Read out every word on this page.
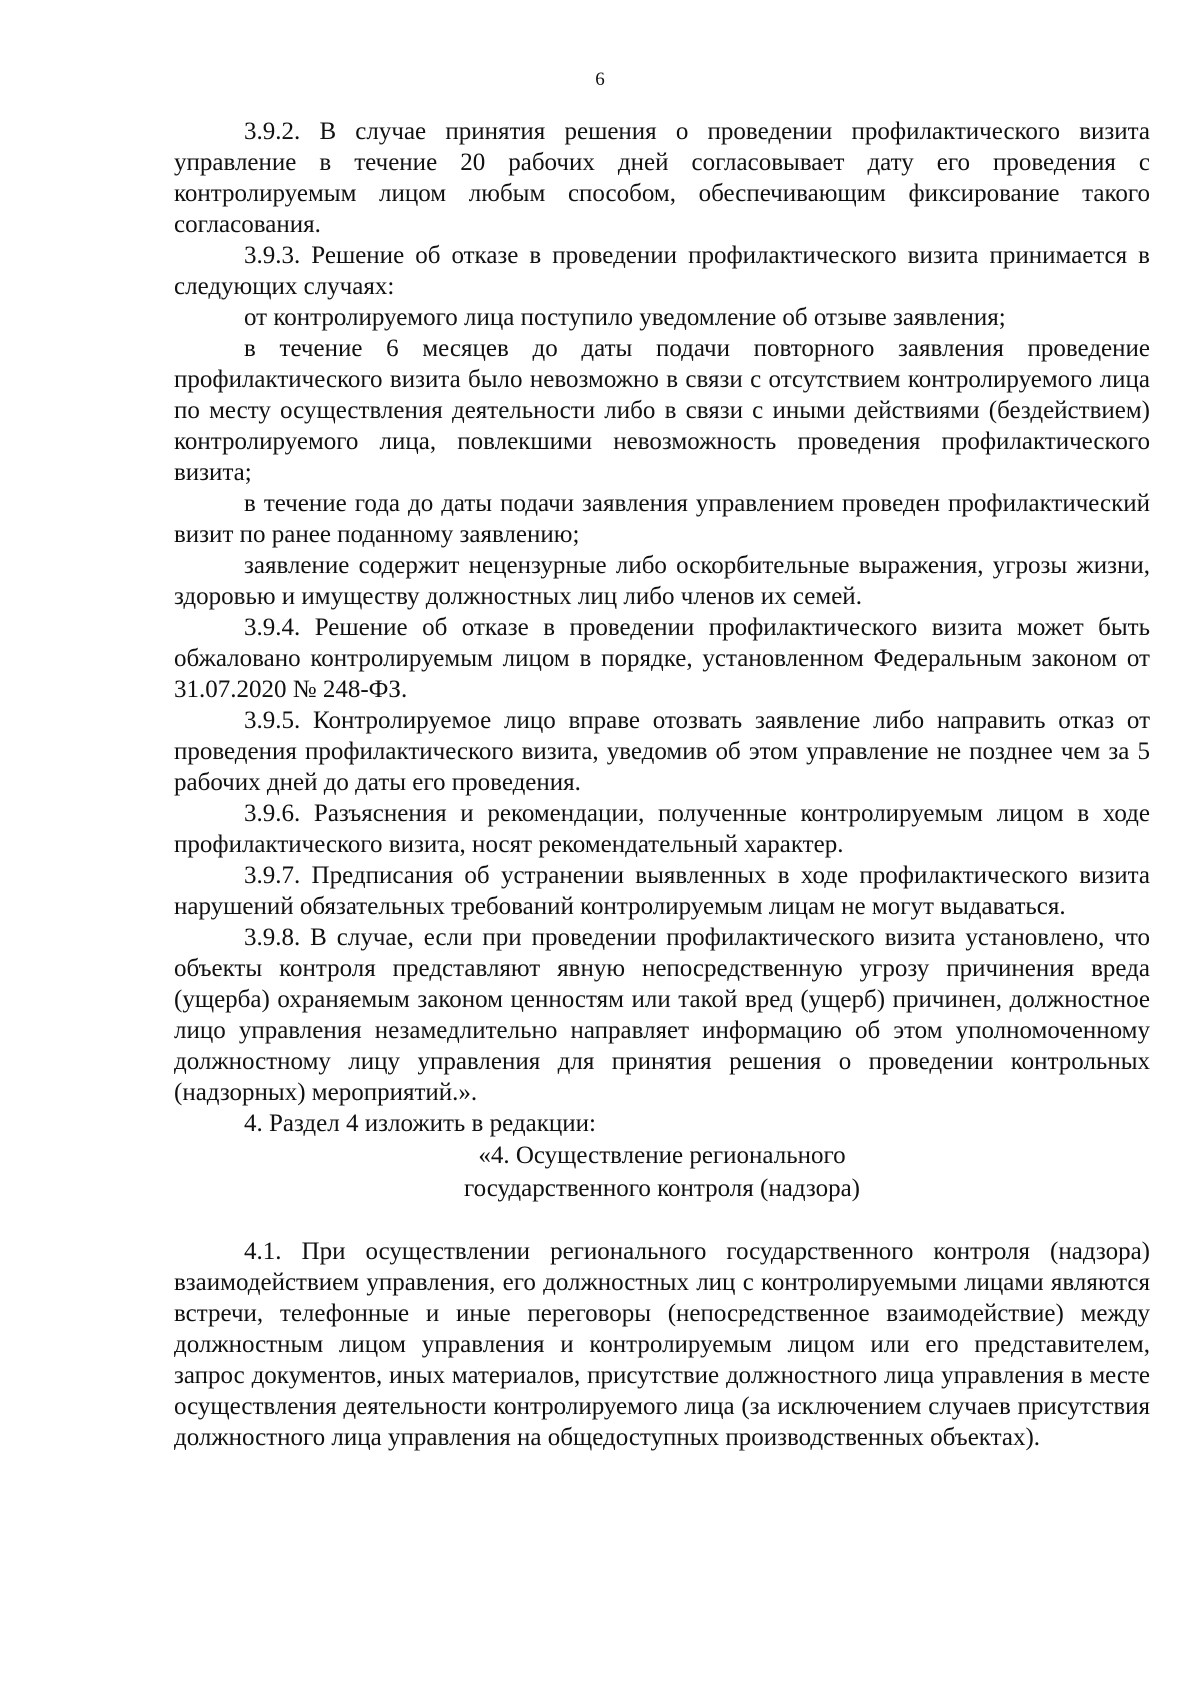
6

3.9.2. В случае принятия решения о проведении профилактического визита управление в течение 20 рабочих дней согласовывает дату его проведения с контролируемым лицом любым способом, обеспечивающим фиксирование такого согласования.

3.9.3. Решение об отказе в проведении профилактического визита принимается в следующих случаях:

от контролируемого лица поступило уведомление об отзыве заявления;

в течение 6 месяцев до даты подачи повторного заявления проведение профилактического визита было невозможно в связи с отсутствием контролируемого лица по месту осуществления деятельности либо в связи с иными действиями (бездействием) контролируемого лица, повлекшими невозможность проведения профилактического визита;

в течение года до даты подачи заявления управлением проведен профилактический визит по ранее поданному заявлению;

заявление содержит нецензурные либо оскорбительные выражения, угрозы жизни, здоровью и имуществу должностных лиц либо членов их семей.

3.9.4. Решение об отказе в проведении профилактического визита может быть обжаловано контролируемым лицом в порядке, установленном Федеральным законом от 31.07.2020 № 248-ФЗ.

3.9.5. Контролируемое лицо вправе отозвать заявление либо направить отказ от проведения профилактического визита, уведомив об этом управление не позднее чем за 5 рабочих дней до даты его проведения.

3.9.6. Разъяснения и рекомендации, полученные контролируемым лицом в ходе профилактического визита, носят рекомендательный характер.

3.9.7. Предписания об устранении выявленных в ходе профилактического визита нарушений обязательных требований контролируемым лицам не могут выдаваться.

3.9.8. В случае, если при проведении профилактического визита установлено, что объекты контроля представляют явную непосредственную угрозу причинения вреда (ущерба) охраняемым законом ценностям или такой вред (ущерб) причинен, должностное лицо управления незамедлительно направляет информацию об этом уполномоченному должностному лицу управления для принятия решения о проведении контрольных (надзорных) мероприятий.».

4. Раздел 4 изложить в редакции:

«4. Осуществление регионального

государственного контроля (надзора)

4.1. При осуществлении регионального государственного контроля (надзора) взаимодействием управления, его должностных лиц с контролируемыми лицами являются встречи, телефонные и иные переговоры (непосредственное взаимодействие) между должностным лицом управления и контролируемым лицом или его представителем, запрос документов, иных материалов, присутствие должностного лица управления в месте осуществления деятельности контролируемого лица (за исключением случаев присутствия должностного лица управления на общедоступных производственных объектах).
